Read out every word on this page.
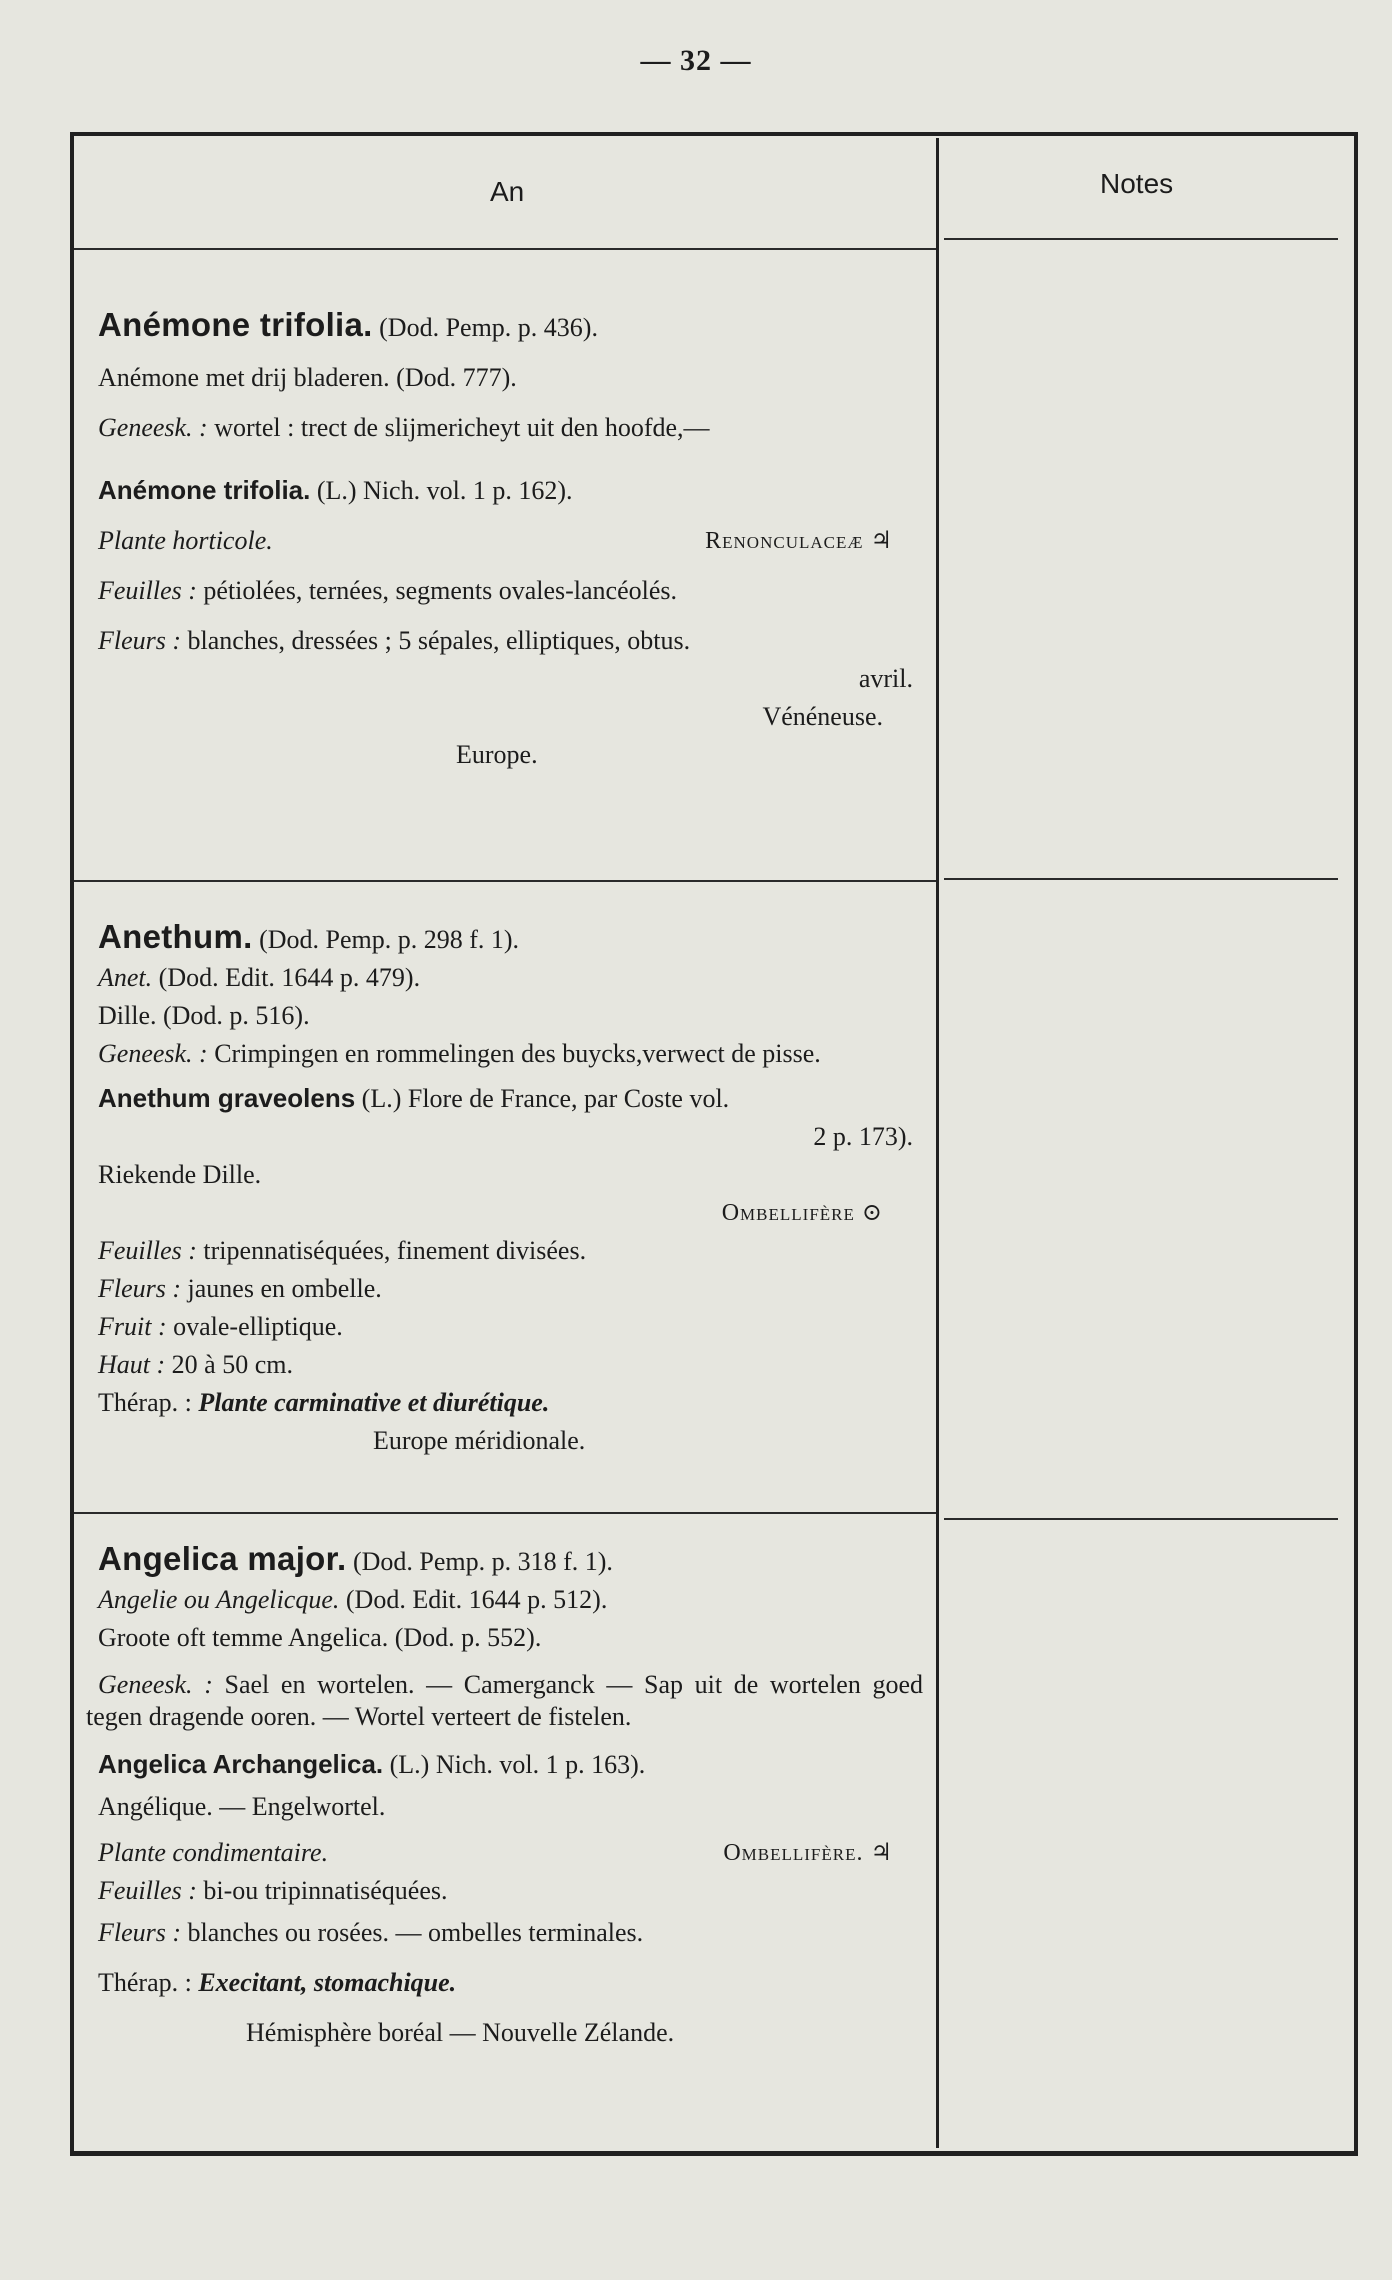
— 32 —
An	Notes
Anémone trifolia. (Dod. Pemp. p. 436).
Anémone met drij bladeren. (Dod. 777).
Geneesk. : wortel : trect de slijmericheyt uit den hoofde,—
Anémone trifolia. (L.) Nich. vol. 1 p. 162).
Plante horticole.	Renonculaceæ ♃
Feuilles : pétiolées, ternées, segments ovales-lancéolés.
Fleurs : blanches, dressées ; 5 sépales, elliptiques, obtus.
avril.
Vénéneuse.
Europe.
Anethum. (Dod. Pemp. p. 298 f. 1).
Anet. (Dod. Edit. 1644 p. 479).
Dille. (Dod. p. 516).
Geneesk. : Crimpingen en rommelingen des buycks,verwect de pisse.
Anethum graveolens (L.) Flore de France, par Coste vol.
2 p. 173).
Riekende Dille.
Ombellifère ⊙
Feuilles : tripennatiséquées, finement divisées.
Fleurs : jaunes en ombelle.
Fruit : ovale-elliptique.
Haut : 20 à 50 cm.
Thérap. : Plante carminative et diurétique.
Europe méridionale.
Angelica major. (Dod. Pemp. p. 318 f. 1).
Angelie ou Angelicque. (Dod. Edit. 1644 p. 512).
Groote oft temme Angelica. (Dod. p. 552).
Geneesk. : Sael en wortelen. — Camerganck — Sap uit de wortelen goed tegen dragende ooren. — Wortel verteert de fistelen.
Angelica Archangelica. (L.) Nich. vol. 1 p. 163).
Angélique. — Engelwortel.
Plante condimentaire.	Ombellifère. ♃
Feuilles : bi-ou tripinnatiséquées.
Fleurs : blanches ou rosées. — ombelles terminales.
Thérap. : Execitant, stomachique.
Hémisphère boréal — Nouvelle Zélande.
